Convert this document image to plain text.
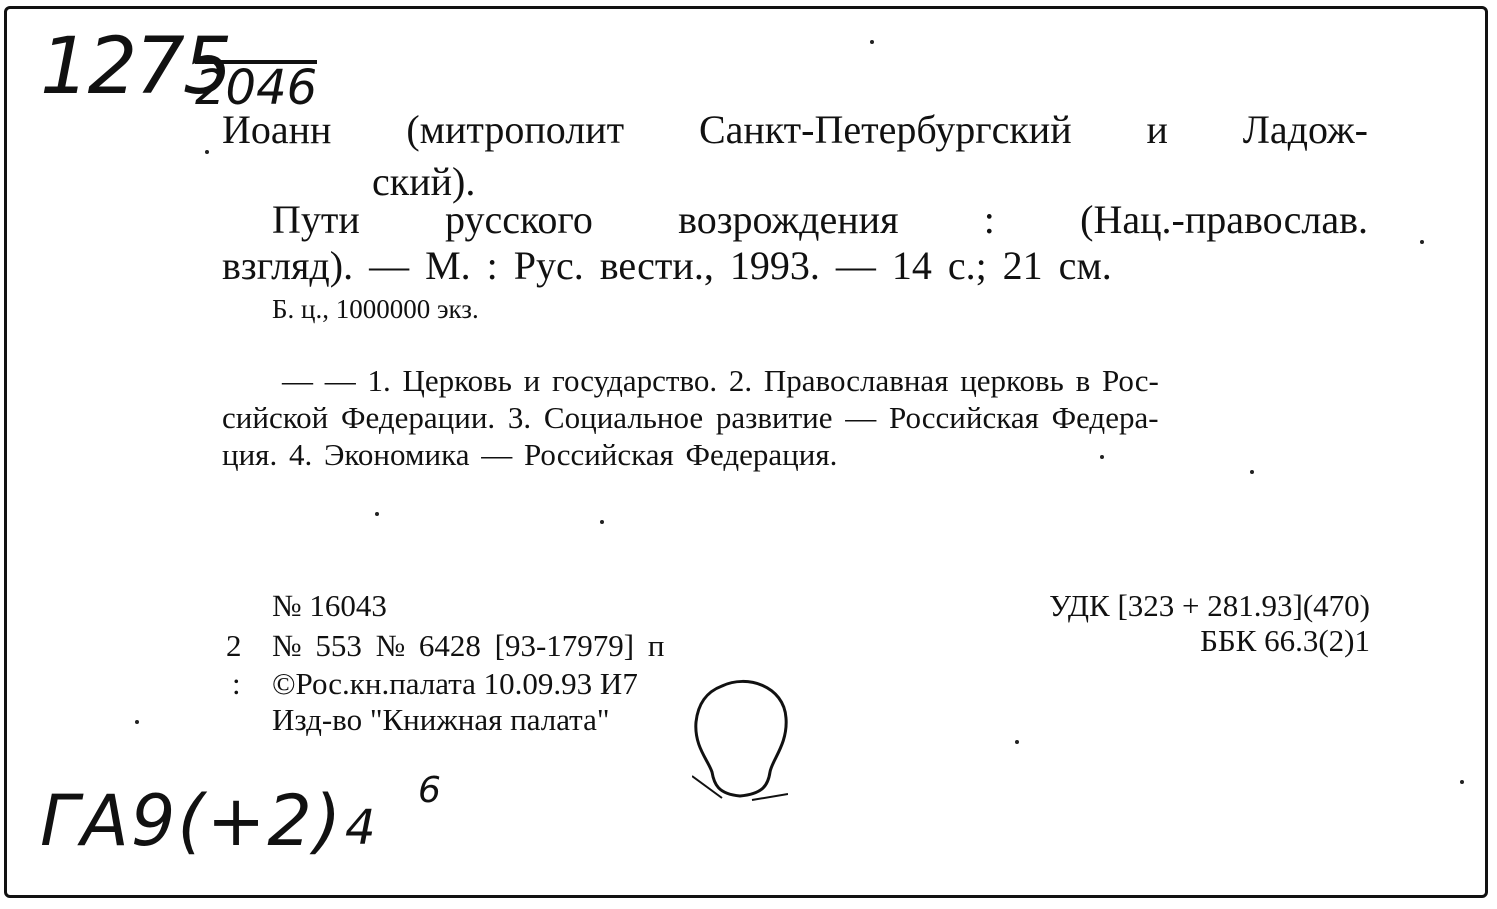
1275
2046
Иоанн (митрополит Санкт-Петербургский и Ладож-
ский).
Пути русского возрождения : (Нац.-православ.
взгляд). — М. : Рус. вести., 1993. — 14 с.; 21 см.
Б. ц., 1000000 экз.
— — 1. Церковь и государство. 2. Православная церковь в Рос-
сийской Федерации. 3. Социальное развитие — Российская Федера-
ция. 4. Экономика — Российская Федерация.
№ 16043
2 № 553 № 6428 [93-17979] п
: ©Рос.кн.палата 10.09.93 И7
Изд-во "Книжная палата"
УДК [323 + 281.93](470)
ББК 66.3(2)1
ГА9(+2) 4
6
